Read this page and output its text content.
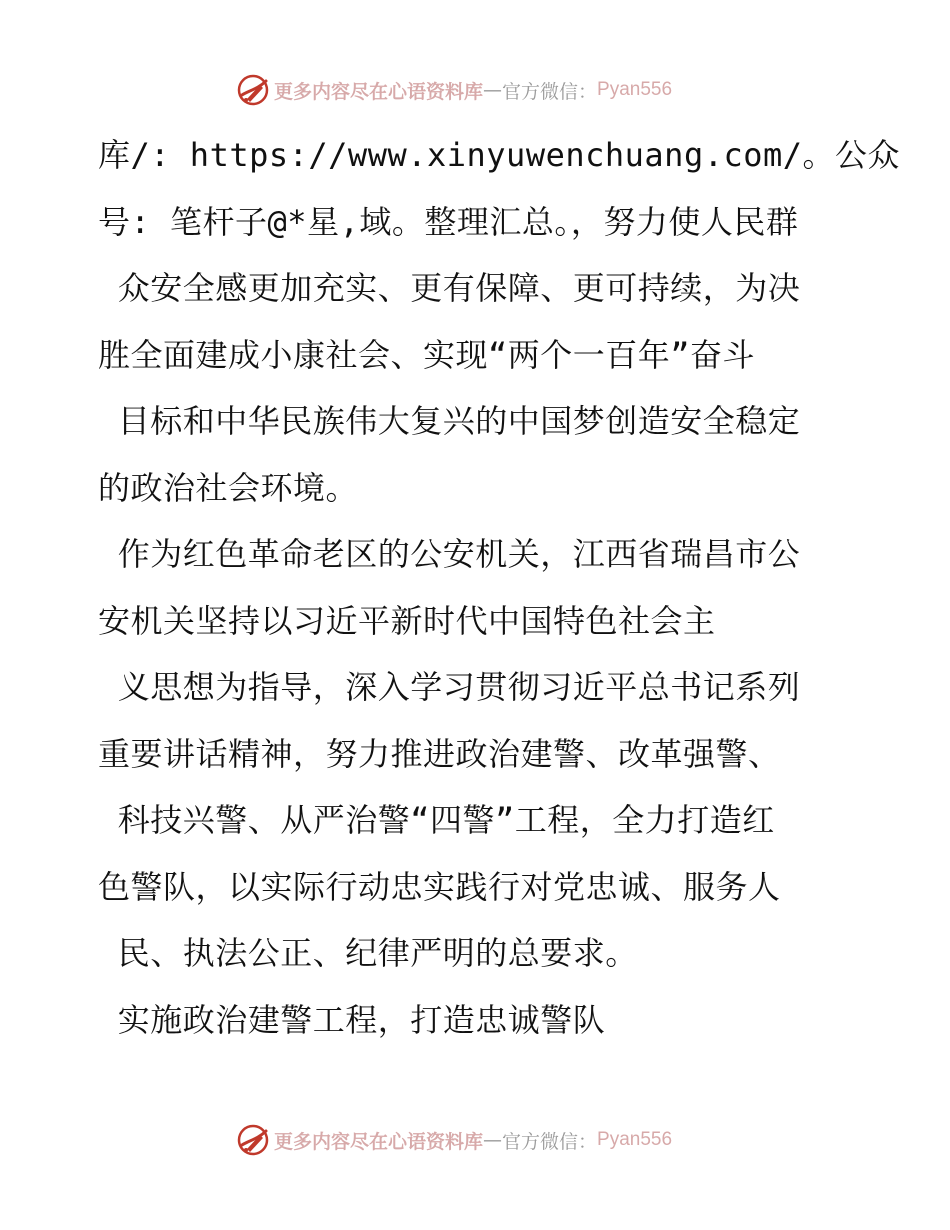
更多内容尽在心语资料库 — 官方微信： Pyan556
库/: https://www.xinyuwenchuang.com/。公众
号: 笔杆子@*星,域。整理汇总。，努力使人民群
众安全感更加充实、更有保障、更可持续，为决
胜全面建成小康社会、实现“两个一百年”奋斗
目标和中华民族伟大复兴的中国梦创造安全稳定
的政治社会环境。
作为红色革命老区的公安机关，江西省瑞昌市公
安机关坚持以习近平新时代中国特色社会主
义思想为指导，深入学习贯彻习近平总书记系列
重要讲话精神，努力推进政治建警、改革强警、
科技兴警、从严治警“四警”工程，全力打造红
色警队，以实际行动忠实践行对党忠诚、服务人
民、执法公正、纪律严明的总要求。
实施政治建警工程，打造忠诚警队
更多内容尽在心语资料库 — 官方微信： Pyan556
